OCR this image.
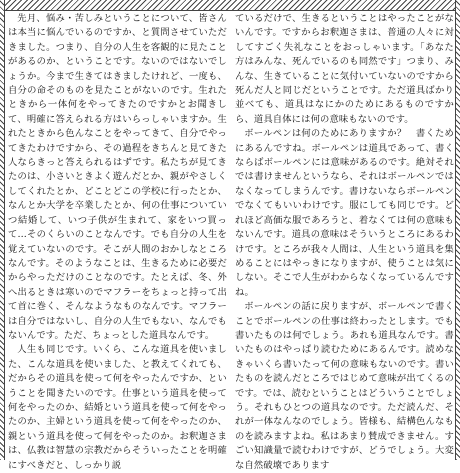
先月、悩み・苦しみということについて、皆さんは本当に悩んでいるのですか、と質問させていただきました。つまり、自分の人生を客観的に見たことがあるのか、ということです。ないのではないでしょうか。今まで生きてはきましたけれど、一度も、自分の命そのものを見たことがないのです。生れたときから一体何をやってきたのですかとお聞きして、明確に答えられる方はいらっしゃいますか。生れたときから色んなことをやってきて、自分でやってきたわけですから、その過程をきちんと見てきた人ならきっと答えられるはずです。私たちが見てきたのは、小さいときよく遊んだとか、親がやさしくしてくれたとか、どことどこの学校に行ったとか、なんとか大学を卒業したとか、何の仕事についていつ結婚して、いつ子供が生まれて、家をいつ買って…そのくらいのことなんです。でも自分の人生を覚えていないのです。そこが人間のおかしなところなんです。そのようなことは、生きるために必要だからやっただけのことなのです。たとえば、冬、外へ出るときは寒いのでマフラーをちょっと持って出て首に巻く、そんなようなものなんです。マフラーは自分ではないし、自分の人生でもない、なんでもないんです。ただ、ちょっとした道具なんです。

人生も同じです。いくら、こんな道具を使いました、こんな道具を使いました、と教えてくれても、だからその道具を使って何をやったんですか、ということを聞きたいのです。仕事という道具を使って何をやったのか、結婚という道具を使って何をやったのか、主婦という道具を使って何をやったのか、親という道具を使って何をやったのか。お釈迦さまは、仏教は智慧の宗教だからそういったことを明確にすべきだと、しっかり説

ているだけで、生きるということはやったことがないんです。ですからお釈迦さまは、普通の人々に対してすごく失礼なことをおっしゃいます。「あなた方はみんな、死んでいるのも同然です」つまり、みんな、生きていることに気付いていないのですから死んだ人と同じだということです。ただ道具ばかり並べても、道具はなにかのためにあるものですから、道具自体には何の意味もないのです。

ボールペンは何のためにありますか？　書くためにあるんですね。ボールペンは道具であって、書くならばボールペンには意味があるのです。絶対それでは書けませんというなら、それはボールペンではなくなってしまうんです。書けないならボールペンでなくてもいいわけです。服にしても同じです。どれほど高価な服であろうと、着なくては何の意味もないんです。道具の意味はそういうところにあるわけです。ところが我々人間は、人生という道具を集めることにはやっきになりますが、使うことは気にしない。そこで人生がわからなくなっているんですね。

ボールペンの話に戻りますが、ボールペンで書くことでボールペンの仕事は終わったとします。でも書いたものは何でしょう。あれも道具なんです。書いたものはやっぱり読むためにあるんです。読めなきゃいくら書いたって何の意味もないのです。書いたものを読んだところではじめて意味が出てくるのです。では、読むということはどういうことでしょう。それもひとつの道具なのです。ただ読んだ、それが一体なんなのでしょう。皆様も、結構色んなものを読みますよね。私はあまり賛成できません。すごい知識量で読むわけですが、どうでしょう。大変な自然破壊であります
